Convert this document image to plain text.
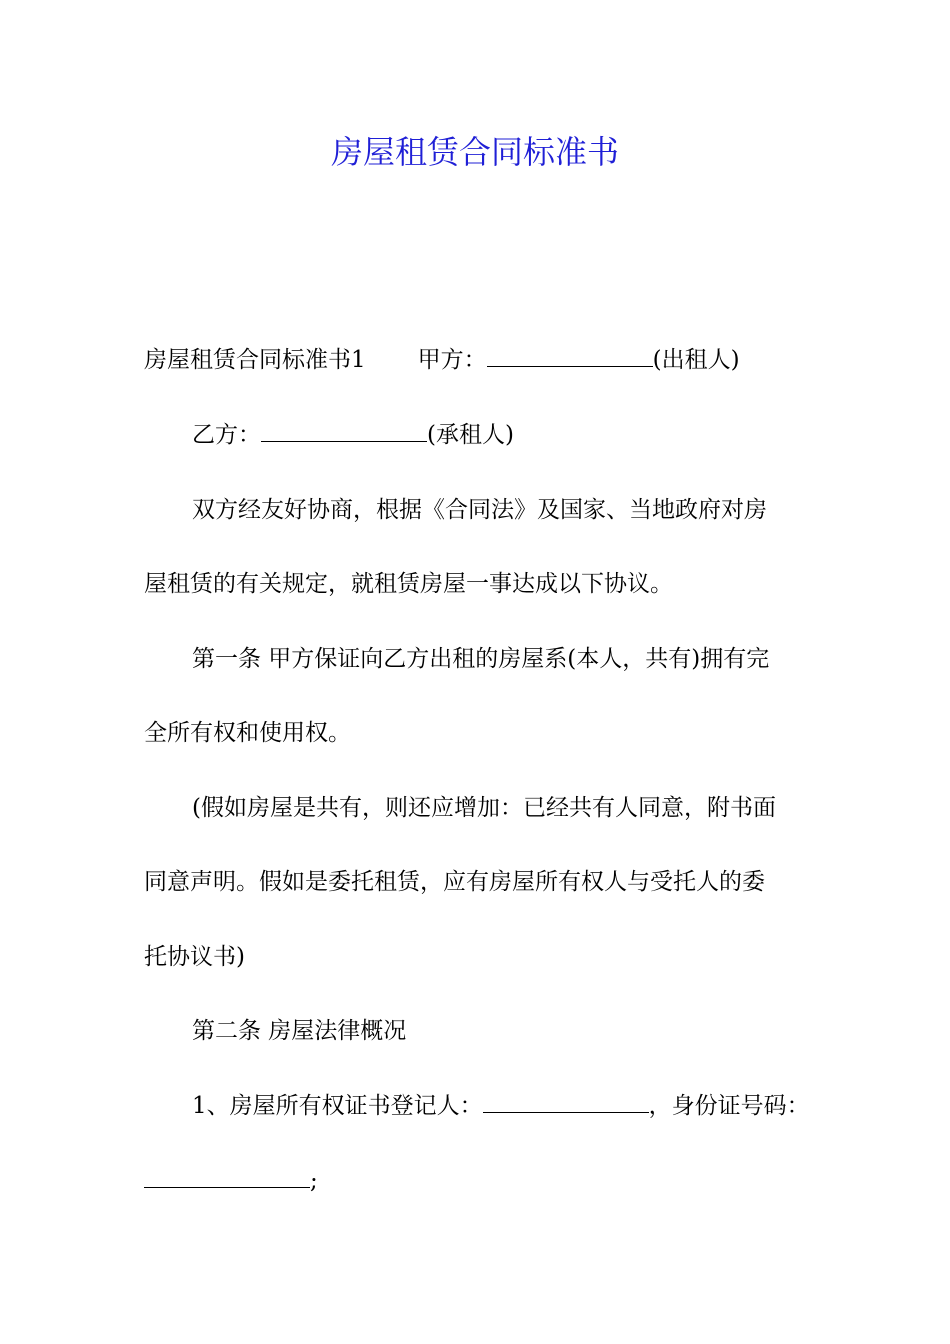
房屋租赁合同标准书
房屋租赁合同标准书1 甲方：	(出租人)
乙方：	(承租人)
双方经友好协商，根据《合同法》及国家、当地政府对房
屋租赁的有关规定，就租赁房屋一事达成以下协议。
第一条 甲方保证向乙方出租的房屋系(本人，共有)拥有完
全所有权和使用权。
(假如房屋是共有，则还应增加：已经共有人同意，附书面
同意声明。假如是委托租赁，应有房屋所有权人与受托人的委
托协议书)
第二条 房屋法律概况
1、房屋所有权证书登记人：	，身份证号码：
;
